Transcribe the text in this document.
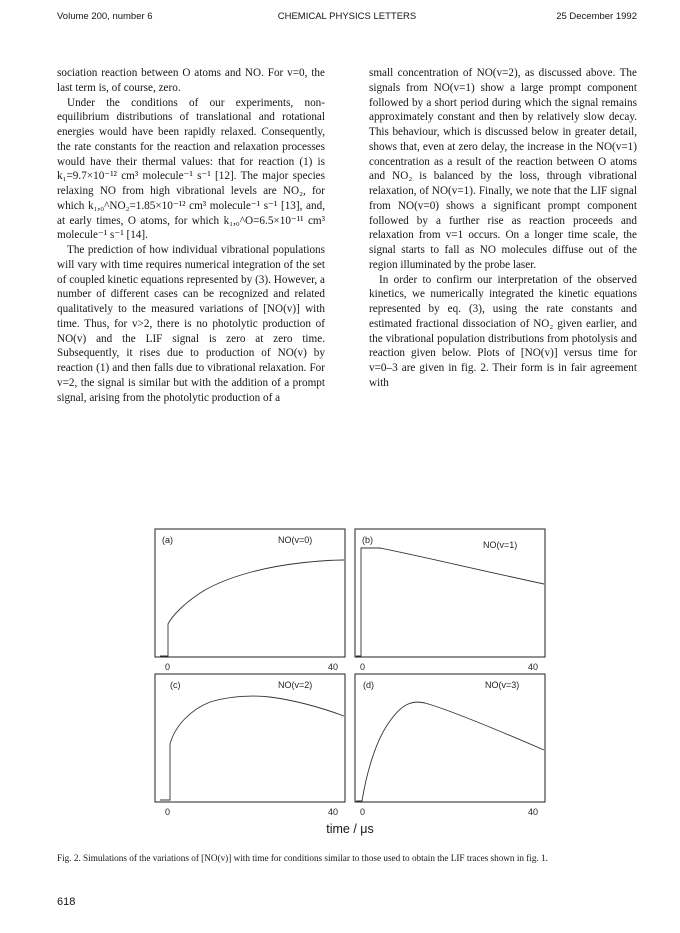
Volume 200, number 6	CHEMICAL PHYSICS LETTERS	25 December 1992

sociation reaction between O atoms and NO. For v=0, the last term is, of course, zero.

Under the conditions of our experiments, non-equilibrium distributions of translational and rotational energies would have been rapidly relaxed. Consequently, the rate constants for the reaction and relaxation processes would have their thermal values: that for reaction (1) is k₁=9.7×10⁻¹² cm³ molecule⁻¹ s⁻¹ [12]. The major species relaxing NO from high vibrational levels are NO₂, for which k₁,₀^NO₂=1.85×10⁻¹² cm³ molecule⁻¹ s⁻¹ [13], and, at early times, O atoms, for which k₁,₀^O=6.5×10⁻¹¹ cm³ molecule⁻¹ s⁻¹ [14].

The prediction of how individual vibrational populations will vary with time requires numerical integration of the set of coupled kinetic equations represented by (3). However, a number of different cases can be recognized and related qualitatively to the measured variations of [NO(v)] with time. Thus, for v>2, there is no photolytic production of NO(v) and the LIF signal is zero at zero time. Subsequently, it rises due to production of NO(v) by reaction (1) and then falls due to vibrational relaxation. For v=2, the signal is similar but with the addition of a prompt signal, arising from the photolytic production of a

small concentration of NO(v=2), as discussed above. The signals from NO(v=1) show a large prompt component followed by a short period during which the signal remains approximately constant and then by relatively slow decay. This behaviour, which is discussed below in greater detail, shows that, even at zero delay, the increase in the NO(v=1) concentration as a result of the reaction between O atoms and NO₂ is balanced by the loss, through vibrational relaxation, of NO(v=1). Finally, we note that the LIF signal from NO(v=0) shows a significant prompt component followed by a further rise as reaction proceeds and relaxation from v=1 occurs. On a longer time scale, the signal starts to fall as NO molecules diffuse out of the region illuminated by the probe laser.

In order to confirm our interpretation of the observed kinetics, we numerically integrated the kinetic equations represented by eq. (3), using the rate constants and estimated fractional dissociation of NO₂ given earlier, and the vibrational population distributions from photolysis and reaction given below. Plots of [NO(v)] versus time for v=0–3 are given in fig. 2. Their form is in fair agreement with

(a)	NO(v=0)
0	40
(b)	NO(v=1)
0	40
(c)	NO(v=2)
0	40
(d)	NO(v=3)
0	40
time / μs
Fig. 2. Simulations of the variations of [NO(v)] with time for conditions similar to those used to obtain the LIF traces shown in fig. 1.
618
